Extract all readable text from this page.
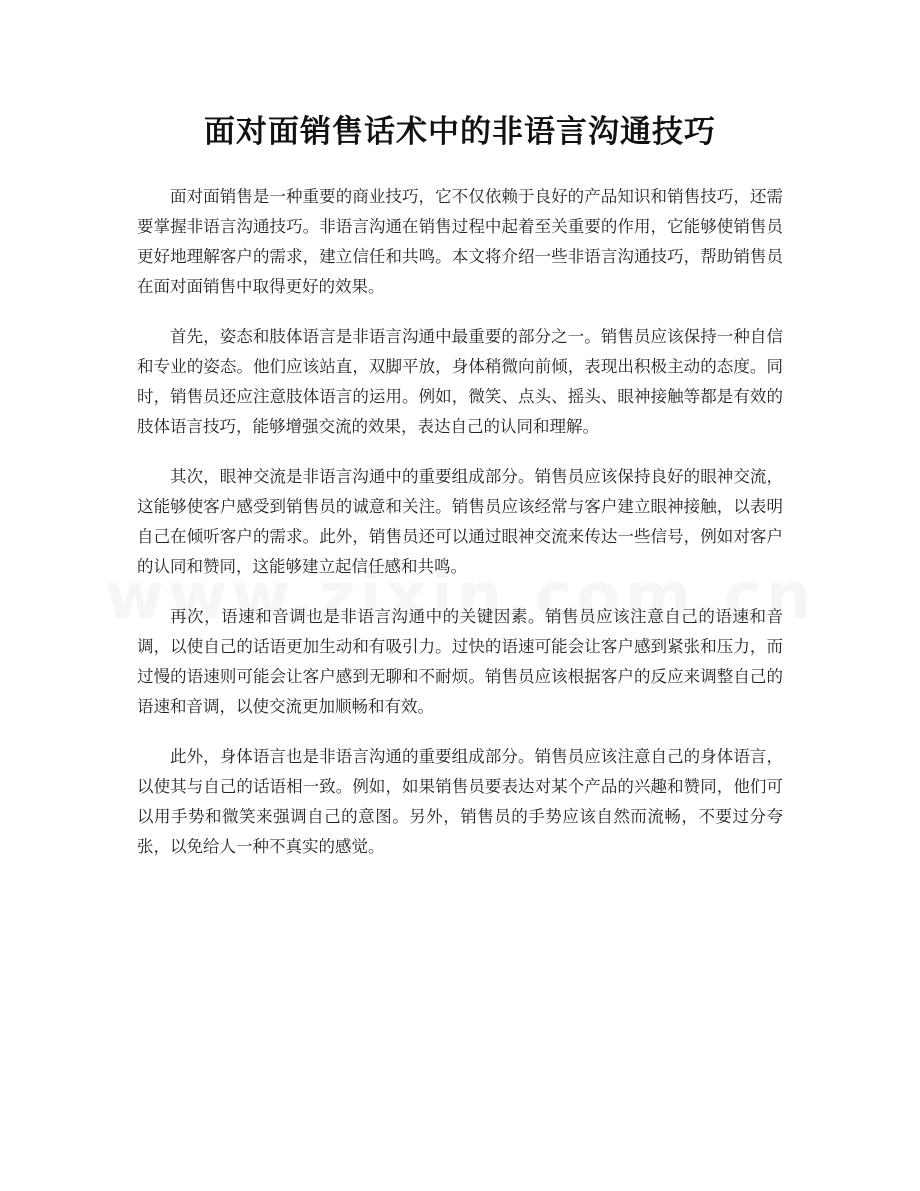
面对面销售话术中的非语言沟通技巧

面对面销售是一种重要的商业技巧，它不仅依赖于良好的产品知识和销售技巧，还需要掌握非语言沟通技巧。非语言沟通在销售过程中起着至关重要的作用，它能够使销售员更好地理解客户的需求，建立信任和共鸣。本文将介绍一些非语言沟通技巧，帮助销售员在面对面销售中取得更好的效果。

首先，姿态和肢体语言是非语言沟通中最重要的部分之一。销售员应该保持一种自信和专业的姿态。他们应该站直，双脚平放，身体稍微向前倾，表现出积极主动的态度。同时，销售员还应注意肢体语言的运用。例如，微笑、点头、摇头、眼神接触等都是有效的肢体语言技巧，能够增强交流的效果，表达自己的认同和理解。

其次，眼神交流是非语言沟通中的重要组成部分。销售员应该保持良好的眼神交流，这能够使客户感受到销售员的诚意和关注。销售员应该经常与客户建立眼神接触，以表明自己在倾听客户的需求。此外，销售员还可以通过眼神交流来传达一些信号，例如对客户的认同和赞同，这能够建立起信任感和共鸣。

再次，语速和音调也是非语言沟通中的关键因素。销售员应该注意自己的语速和音调，以使自己的话语更加生动和有吸引力。过快的语速可能会让客户感到紧张和压力，而过慢的语速则可能会让客户感到无聊和不耐烦。销售员应该根据客户的反应来调整自己的语速和音调，以使交流更加顺畅和有效。

此外，身体语言也是非语言沟通的重要组成部分。销售员应该注意自己的身体语言，以使其与自己的话语相一致。例如，如果销售员要表达对某个产品的兴趣和赞同，他们可以用手势和微笑来强调自己的意图。另外，销售员的手势应该自然而流畅，不要过分夸张，以免给人一种不真实的感觉。
